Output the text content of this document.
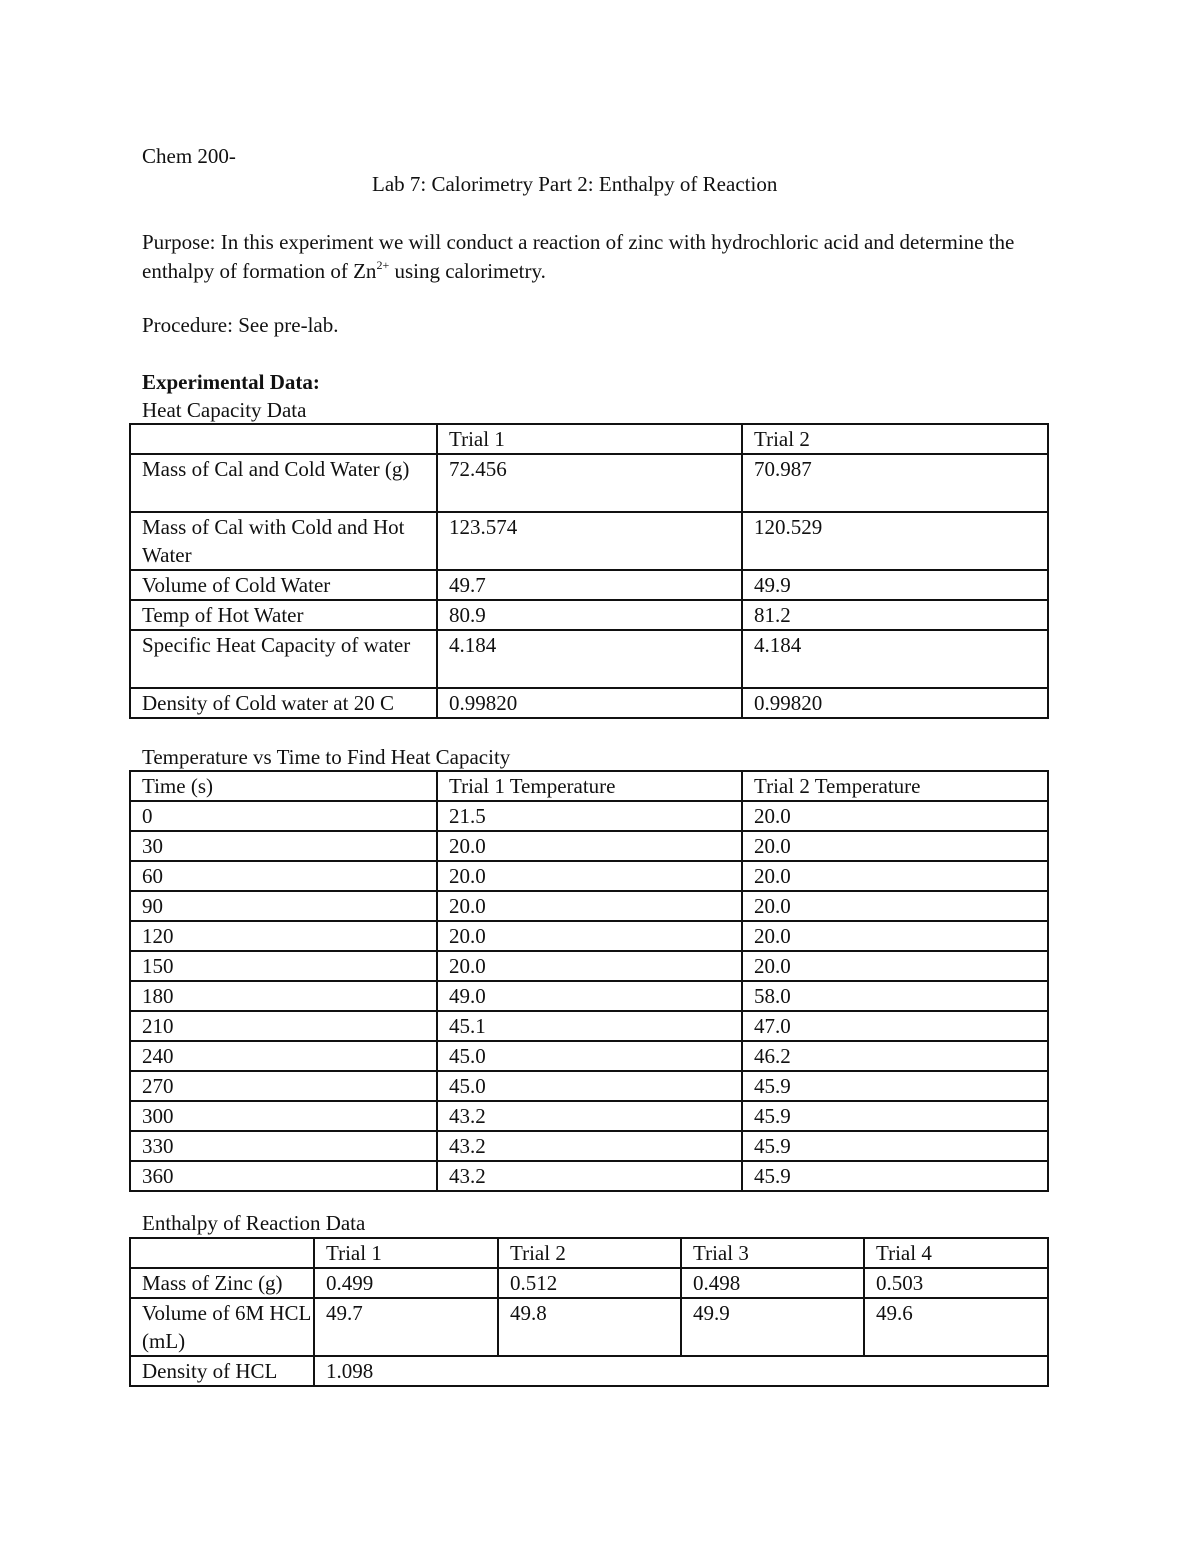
Chem 200-

Lab 7: Calorimetry Part 2: Enthalpy of Reaction

Purpose: In this experiment we will conduct a reaction of zinc with hydrochloric acid and determine the enthalpy of formation of $Zn^{2+}$ using calorimetry.

Procedure: See pre-lab.

Experimental Data:

Heat Capacity Data

	Trial 1	Trial 2
Mass of Cal and Cold Water (g)	72.456	70.987
Mass of Cal with Cold and Hot Water	123.574	120.529
Volume of Cold Water	49.7	49.9
Temp of Hot Water	80.9	81.2
Specific Heat Capacity of water	4.184	4.184
Density of Cold water at 20 C	0.99820	0.99820

Temperature vs Time to Find Heat Capacity

Time (s)	Trial 1 Temperature	Trial 2 Temperature
0	21.5	20.0
30	20.0	20.0
60	20.0	20.0
90	20.0	20.0
120	20.0	20.0
150	20.0	20.0
180	49.0	58.0
210	45.1	47.0
240	45.0	46.2
270	45.0	45.9
300	43.2	45.9
330	43.2	45.9
360	43.2	45.9

Enthalpy of Reaction Data

	Trial 1	Trial 2	Trial 3	Trial 4
Mass of Zinc (g)	0.499	0.512	0.498	0.503
Volume of 6M HCL (mL)	49.7	49.8	49.9	49.6
Density of HCL	1.098			
